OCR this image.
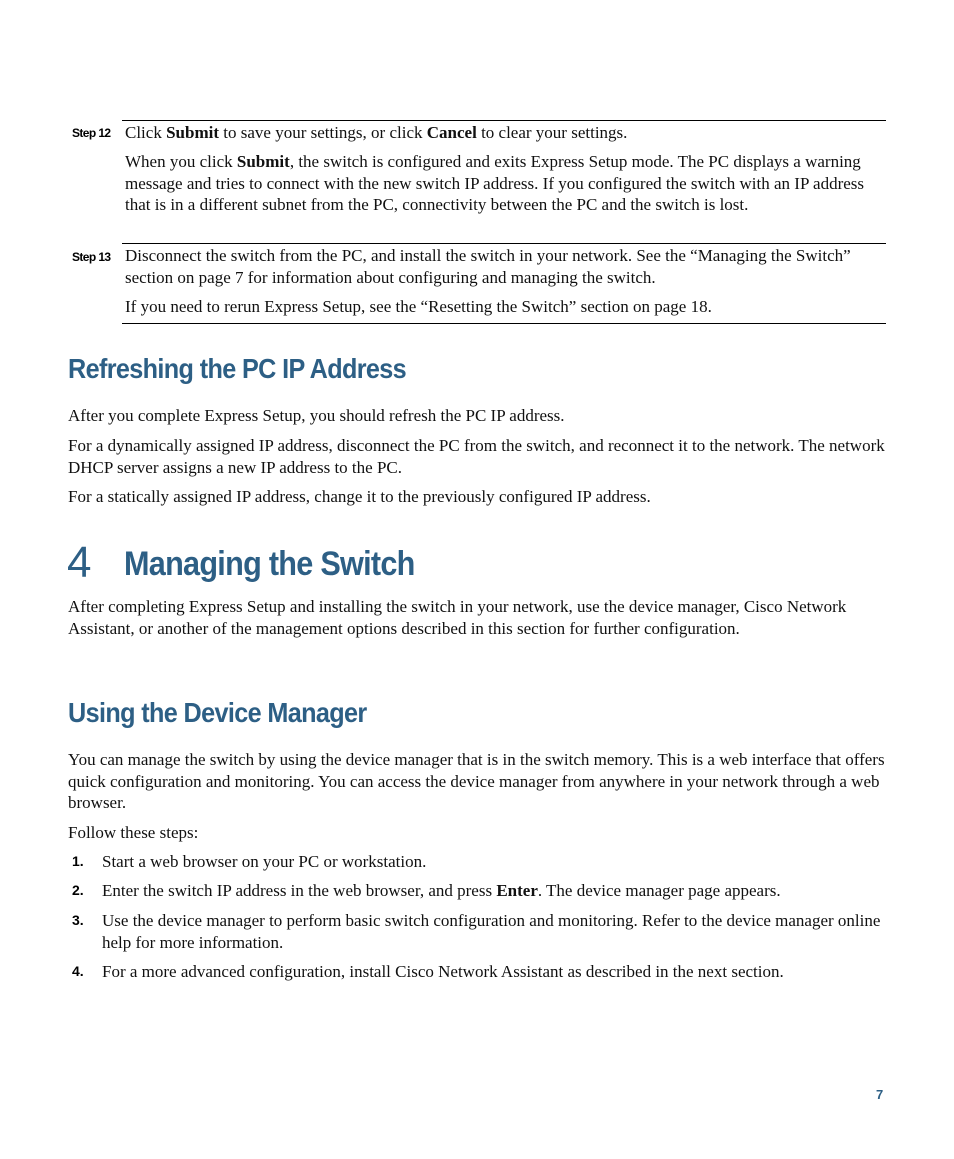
Step 12 Click Submit to save your settings, or click Cancel to clear your settings.
When you click Submit, the switch is configured and exits Express Setup mode. The PC displays a warning message and tries to connect with the new switch IP address. If you configured the switch with an IP address that is in a different subnet from the PC, connectivity between the PC and the switch is lost.
Step 13 Disconnect the switch from the PC, and install the switch in your network. See the “Managing the Switch” section on page 7 for information about configuring and managing the switch.
If you need to rerun Express Setup, see the “Resetting the Switch” section on page 18.
Refreshing the PC IP Address
After you complete Express Setup, you should refresh the PC IP address.
For a dynamically assigned IP address, disconnect the PC from the switch, and reconnect it to the network. The network DHCP server assigns a new IP address to the PC.
For a statically assigned IP address, change it to the previously configured IP address.
4 Managing the Switch
After completing Express Setup and installing the switch in your network, use the device manager, Cisco Network Assistant, or another of the management options described in this section for further configuration.
Using the Device Manager
You can manage the switch by using the device manager that is in the switch memory. This is a web interface that offers quick configuration and monitoring. You can access the device manager from anywhere in your network through a web browser.
Follow these steps:
1. Start a web browser on your PC or workstation.
2. Enter the switch IP address in the web browser, and press Enter. The device manager page appears.
3. Use the device manager to perform basic switch configuration and monitoring. Refer to the device manager online help for more information.
4. For a more advanced configuration, install Cisco Network Assistant as described in the next section.
7
